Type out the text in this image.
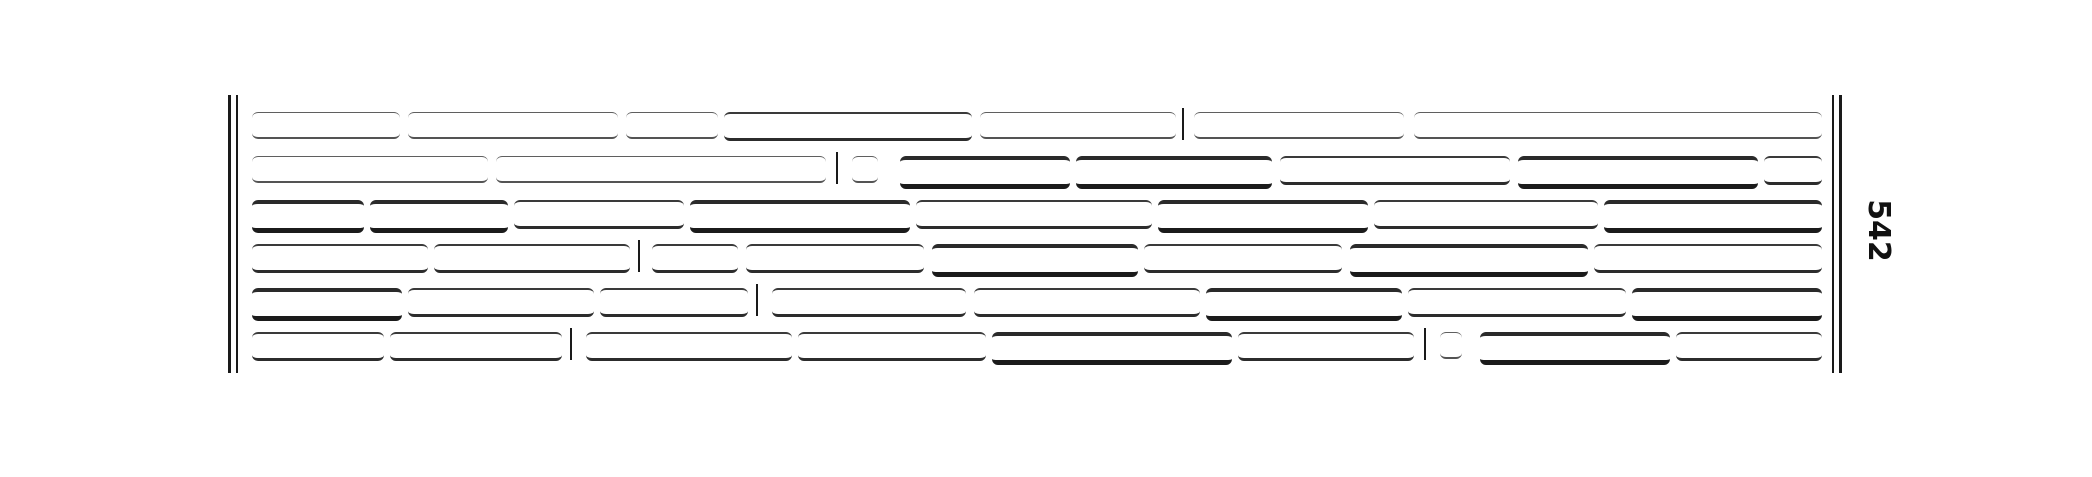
542
